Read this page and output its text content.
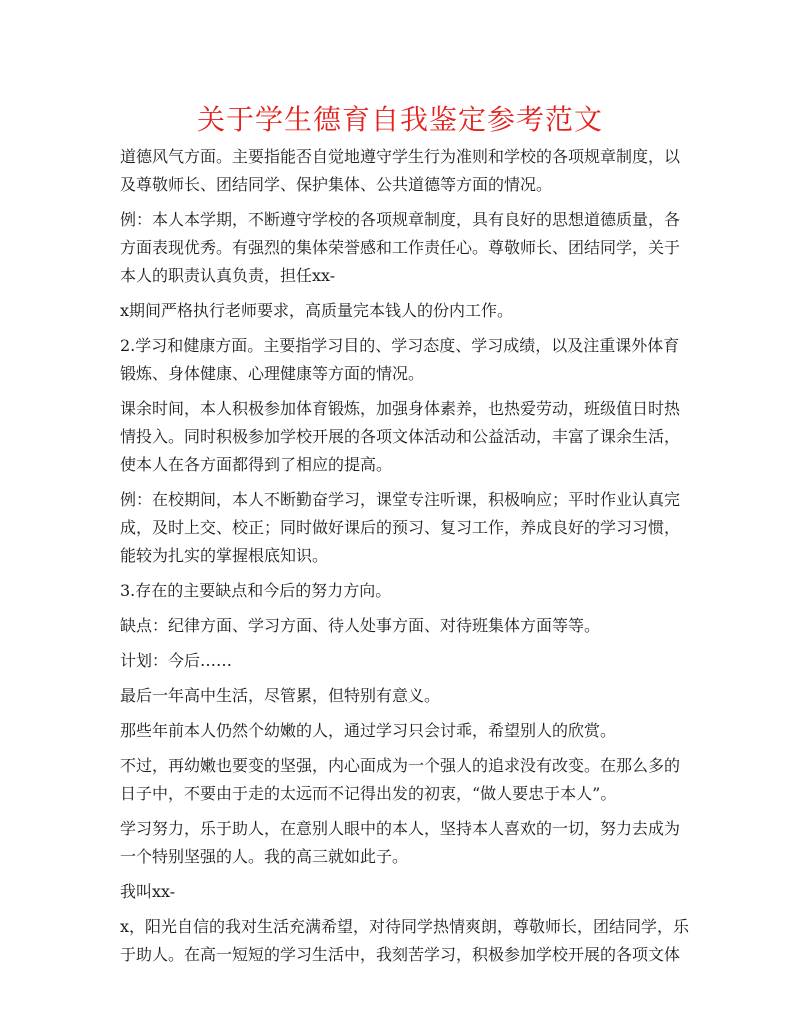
关于学生德育自我鉴定参考范文

道德风气方面。主要指能否自觉地遵守学生行为准则和学校的各项规章制度，以

及尊敬师长、团结同学、保护集体、公共道德等方面的情况。

例：本人本学期，不断遵守学校的各项规章制度，具有良好的思想道德质量，各

方面表现优秀。有强烈的集体荣誉感和工作责任心。尊敬师长、团结同学，关于

本人的职责认真负责，担任xx-

x期间严格执行老师要求，高质量完本钱人的份内工作。

2.学习和健康方面。主要指学习目的、学习态度、学习成绩，以及注重课外体育

锻炼、身体健康、心理健康等方面的情况。

课余时间，本人积极参加体育锻炼，加强身体素养，也热爱劳动，班级值日时热

情投入。同时积极参加学校开展的各项文体活动和公益活动，丰富了课余生活，

使本人在各方面都得到了相应的提高。

例：在校期间，本人不断勤奋学习，课堂专注听课，积极响应；平时作业认真完

成，及时上交、校正；同时做好课后的预习、复习工作，养成良好的学习习惯，

能较为扎实的掌握根底知识。

3.存在的主要缺点和今后的努力方向。

缺点：纪律方面、学习方面、待人处事方面、对待班集体方面等等。

计划：今后……

最后一年高中生活，尽管累，但特别有意义。

那些年前本人仍然个幼嫩的人，通过学习只会讨乖，希望别人的欣赏。

不过，再幼嫩也要变的坚强，内心面成为一个强人的追求没有改变。在那么多的

日子中，不要由于走的太远而不记得出发的初衷，“做人要忠于本人”。

学习努力，乐于助人，在意别人眼中的本人，坚持本人喜欢的一切，努力去成为

一个特别坚强的人。我的高三就如此子。

我叫xx-

x，阳光自信的我对生活充满希望，对待同学热情爽朗，尊敬师长，团结同学，乐

于助人。在高一短短的学习生活中，我刻苦学习，积极参加学校开展的各项文体
